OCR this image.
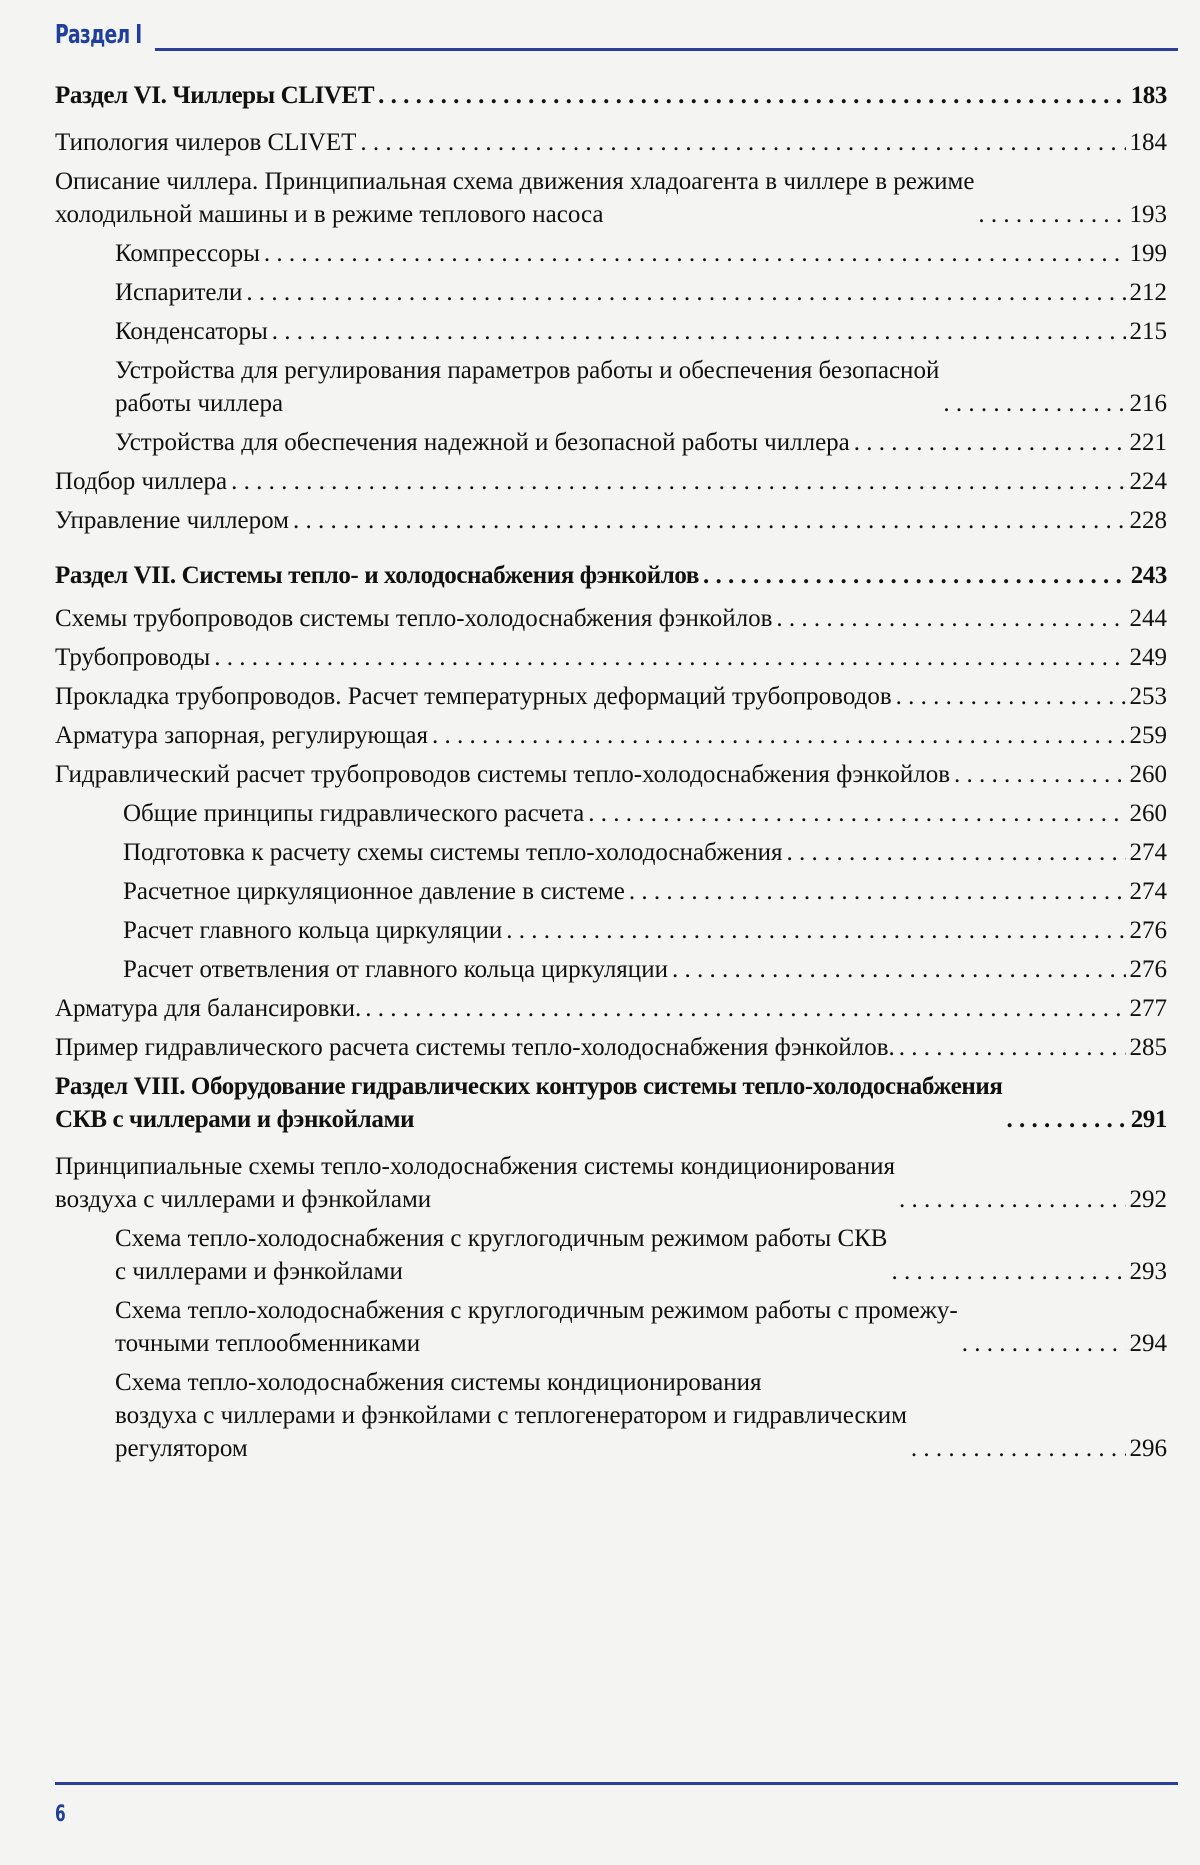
Раздел I
Раздел VI. Чиллеры CLIVET . . .	183
Типология чилеров CLIVET . . .	184
Описание чиллера. Принципиальная схема движения хладоагента в чиллере в режиме
холодильной машины и в режиме теплового насоса . . .	193
Компрессоры . . .	199
Испарители . . .	212
Конденсаторы . . .	215
Устройства для регулирования параметров работы и обеспечения безопасной
работы чиллера . . .	216
Устройства для обеспечения надежной и безопасной работы чиллера . . .	221
Подбор чиллера . . .	224
Управление чиллером . . .	228
Раздел VII. Системы тепло- и холодоснабжения фэнкойлов . . .	243
Схемы трубопроводов системы тепло-холодоснабжения фэнкойлов . . .	244
Трубопроводы . . .	249
Прокладка трубопроводов. Расчет температурных деформаций трубопроводов . . .	253
Арматура запорная, регулирующая . . .	259
Гидравлический расчет трубопроводов системы тепло-холодоснабжения фэнкойлов . . .	260
Общие принципы гидравлического расчета . . .	260
Подготовка к расчету схемы системы тепло-холодоснабжения . . .	274
Расчетное циркуляционное давление в системе . . .	274
Расчет главного кольца циркуляции . . .	276
Расчет ответвления от главного кольца циркуляции . . .	276
Арматура для балансировки. . . .	277
Пример гидравлического расчета системы тепло-холодоснабжения фэнкойлов. . . .	285
Раздел VIII. Оборудование гидравлических контуров системы тепло-холодоснабжения
СКВ с чиллерами и фэнкойлами . . .	291
Принципиальные схемы тепло-холодоснабжения системы кондиционирования
воздуха с чиллерами и фэнкойлами . . .	292
Схема тепло-холодоснабжения с круглогодичным режимом работы СКВ
с чиллерами и фэнкойлами . . .	293
Схема тепло-холодоснабжения с круглогодичным режимом работы с промежу-
точными теплообменниками . . .	294
Схема тепло-холодоснабжения системы кондиционирования
воздуха с чиллерами и фэнкойлами с теплогенератором и гидравлическим
регулятором . . .	296
6
